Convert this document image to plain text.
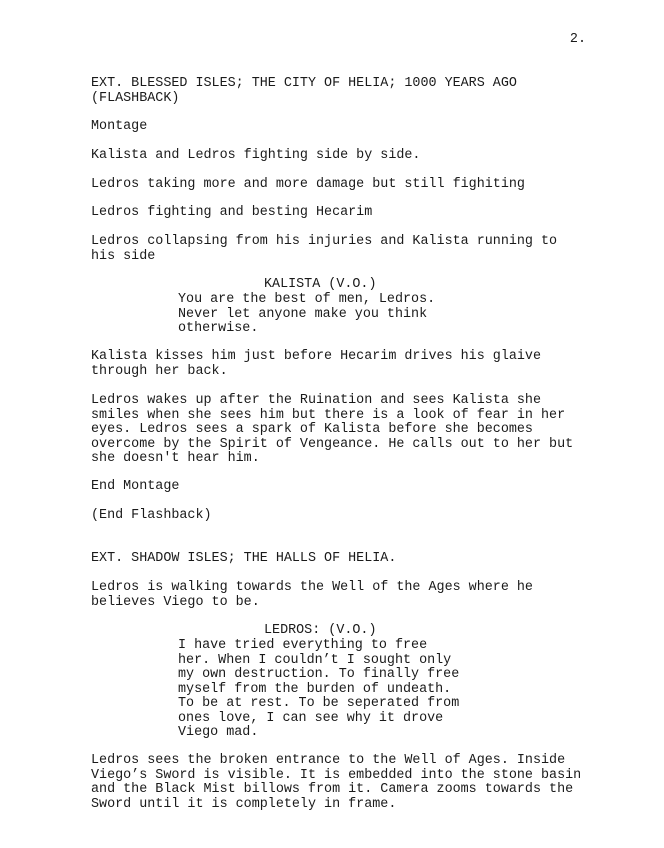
2.

EXT. BLESSED ISLES; THE CITY OF HELIA; 1000 YEARS AGO
(FLASHBACK)

Montage

Kalista and Ledros fighting side by side.

Ledros taking more and more damage but still fighiting

Ledros fighting and besting Hecarim

Ledros collapsing from his injuries and Kalista running to
his side

KALISTA (V.O.)

You are the best of men, Ledros.
Never let anyone make you think
otherwise.

Kalista kisses him just before Hecarim drives his glaive
through her back.

Ledros wakes up after the Ruination and sees Kalista she
smiles when she sees him but there is a look of fear in her
eyes. Ledros sees a spark of Kalista before she becomes
overcome by the Spirit of Vengeance. He calls out to her but
she doesn't hear him.

End Montage

(End Flashback)

EXT. SHADOW ISLES; THE HALLS OF HELIA.

Ledros is walking towards the Well of the Ages where he
believes Viego to be.

LEDROS: (V.O.)

I have tried everything to free
her. When I couldn’t I sought only
my own destruction. To finally free
myself from the burden of undeath.
To be at rest. To be seperated from
ones love, I can see why it drove
Viego mad.

Ledros sees the broken entrance to the Well of Ages. Inside
Viego’s Sword is visible. It is embedded into the stone basin
and the Black Mist billows from it. Camera zooms towards the
Sword until it is completely in frame.
